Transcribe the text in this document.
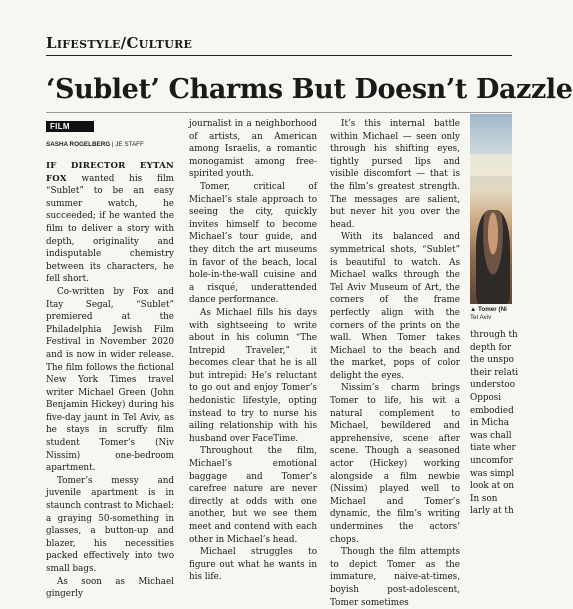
Lifestyle/Culture
‘Sublet’ Charms But Doesn’t Dazzle
FILM
SASHA ROGELBERG | JE STAFF

IF DIRECTOR EYTAN FOX wanted his film “Sublet” to be an easy summer watch, he succeeded; if he wanted the film to deliver a story with depth, originality and indisputable chemistry between its characters, he fell short.

Co-written by Fox and Itay Segal, “Sublet” premiered at the Philadelphia Jewish Film Festival in November 2020 and is now in wider release. The film follows the fictional New York Times travel writer Michael Green (John Benjamin Hickey) during his five-day jaunt in Tel Aviv, as he stays in scruffy film student Tomer’s (Niv Nissim) one-bedroom apartment.

Tomer’s messy and juvenile apartment is in staunch contrast to Michael: a graying 50-something in glasses, a button-up and blazer, his necessities packed effectively into two small bags.

As soon as Michael gingerly

journalist in a neighborhood of artists, an American among Israelis, a romantic monogamist among free-spirited youth.

Tomer, critical of Michael’s stale approach to seeing the city, quickly invites himself to become Michael’s tour guide, and they ditch the art museums in favor of the beach, local hole-in-the-wall cuisine and a risqué, underattended dance performance.

As Michael fills his days with sightseeing to write about in his column “The Intrepid Traveler,” it becomes clear that he is all but intrepid: He’s reluctant to go out and enjoy Tomer’s hedonistic lifestyle, opting instead to try to nurse his ailing relationship with his husband over FaceTime.

Throughout the film, Michael’s emotional baggage and Tomer’s carefree nature are never directly at odds with one another, but we see them meet and contend with each other in Michael’s head.

Michael struggles to figure out what he wants in his life.

It’s this internal battle within Michael — seen only through his shifting eyes, tightly pursed lips and visible discomfort — that is the film’s greatest strength. The messages are salient, but never hit you over the head.

With its balanced and symmetrical shots, “Sublet” is beautiful to watch. As Michael walks through the Tel Aviv Museum of Art, the corners of the frame perfectly align with the corners of the prints on the wall. When Tomer takes Michael to the beach and the market, pops of color delight the eyes.

Nissim’s charm brings Tomer to life, his wit a natural complement to Michael, bewildered and apprehensive, scene after scene. Though a seasoned actor (Hickey) working alongside a film newbie (Nissim) played well to Michael and Tomer’s dynamic, the film’s writing undermines the actors’ chops.

Though the film attempts to depict Tomer as the immature, naive-at-times, boyish post-adolescent, Tomer sometimes

▲ Tomer (Ni
Tel Aviv
through th
depth for
the unspo
their relati
understoo
Opposi
embodied
in Micha
was chall
tiate wher
uncomfor
was simpl
look at on
In son
larly at th
